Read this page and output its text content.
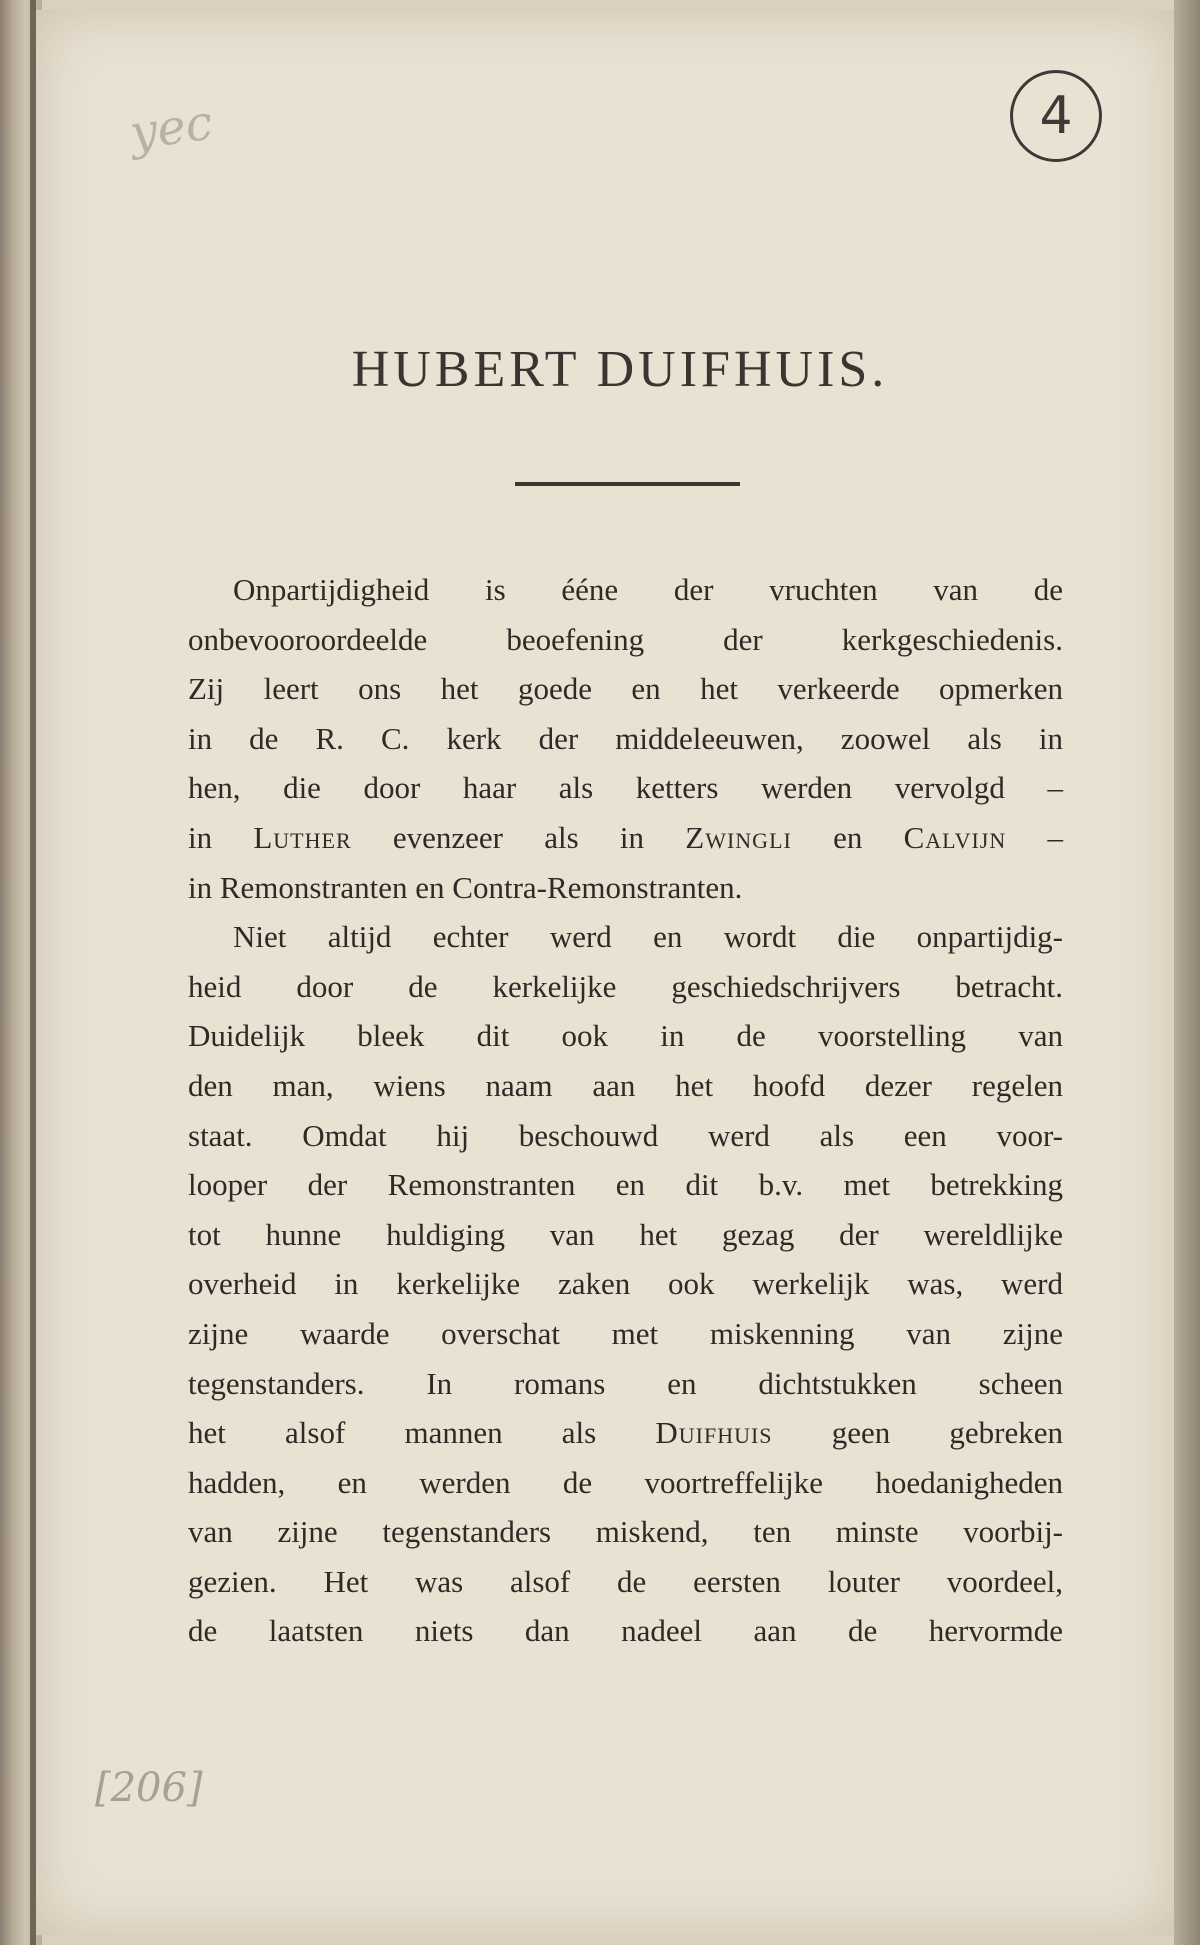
yec	4
HUBERT DUIFHUIS.
Onpartijdigheid is ééne der vruchten van de
onbevooroordeelde beoefening der kerkgeschiedenis.
Zij leert ons het goede en het verkeerde opmerken
in de R. C. kerk der middeleeuwen, zoowel als in
hen, die door haar als ketters werden vervolgd –
in Luther evenzeer als in Zwingli en Calvijn –
in Remonstranten en Contra-Remonstranten.
Niet altijd echter werd en wordt die onpartijdig-
heid door de kerkelijke geschiedschrijvers betracht.
Duidelijk bleek dit ook in de voorstelling van
den man, wiens naam aan het hoofd dezer regelen
staat. Omdat hij beschouwd werd als een voor-
looper der Remonstranten en dit b.v. met betrekking
tot hunne huldiging van het gezag der wereldlijke
overheid in kerkelijke zaken ook werkelijk was, werd
zijne waarde overschat met miskenning van zijne
tegenstanders. In romans en dichtstukken scheen
het alsof mannen als Duifhuis geen gebreken
hadden, en werden de voortreffelijke hoedanigheden
van zijne tegenstanders miskend, ten minste voorbij-
gezien. Het was alsof de eersten louter voordeel,
de laatsten niets dan nadeel aan de hervormde
[206]
